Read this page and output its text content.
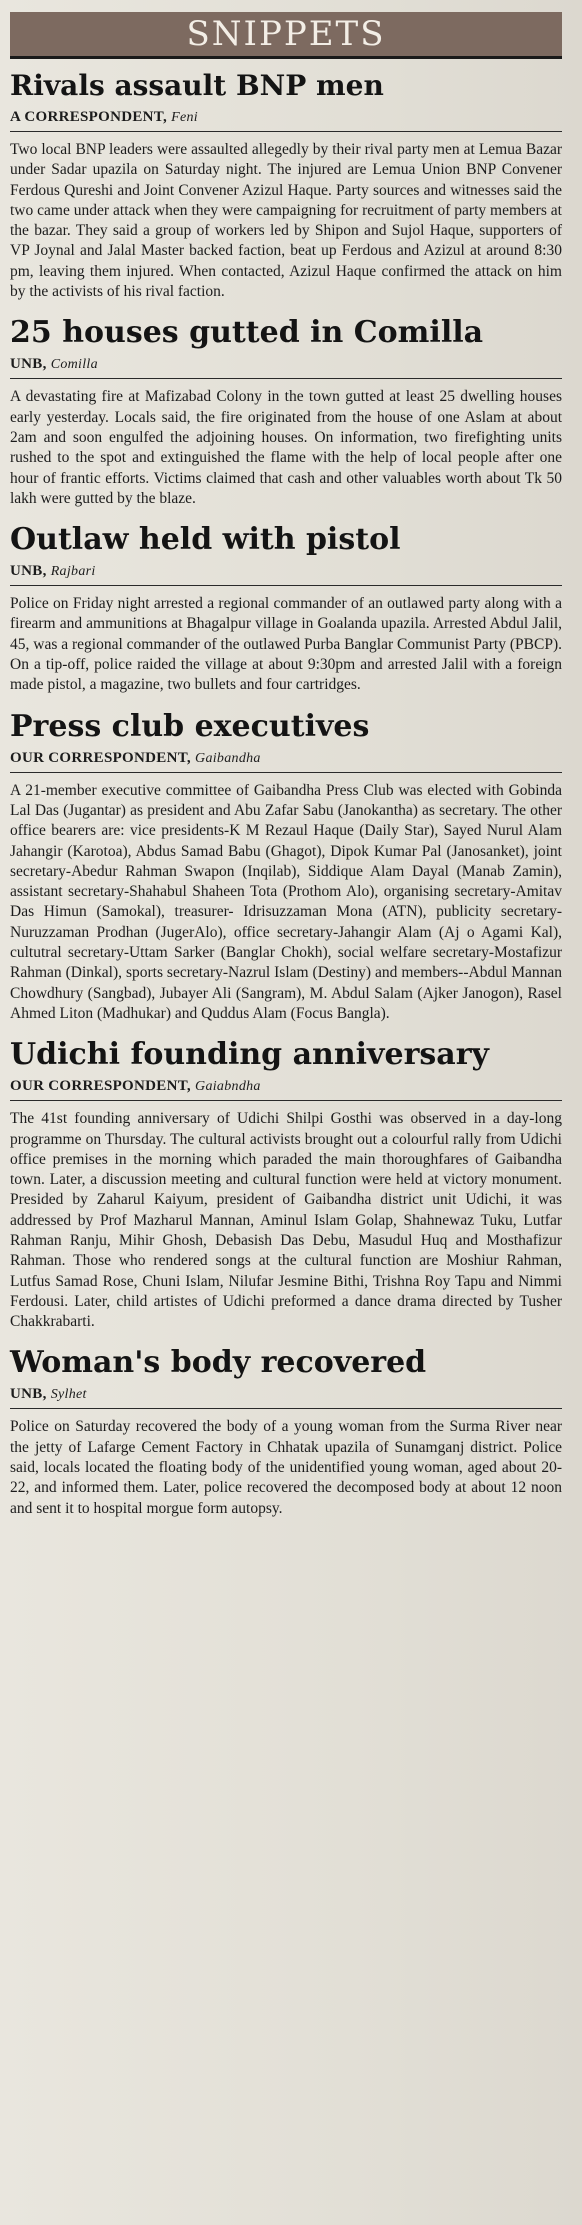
SNIPPETS
Rivals assault BNP men
A CORRESPONDENT, Feni

Two local BNP leaders were assaulted allegedly by their rival party men at Lemua Bazar under Sadar upazila on Saturday night. The injured are Lemua Union BNP Convener Ferdous Qureshi and Joint Convener Azizul Haque. Party sources and witnesses said the two came under attack when they were campaigning for recruitment of party members at the bazar. They said a group of workers led by Shipon and Sujol Haque, supporters of VP Joynal and Jalal Master backed faction, beat up Ferdous and Azizul at around 8:30 pm, leaving them injured. When contacted, Azizul Haque confirmed the attack on him by the activists of his rival faction.

25 houses gutted in Comilla
UNB, Comilla

A devastating fire at Mafizabad Colony in the town gutted at least 25 dwelling houses early yesterday. Locals said, the fire originated from the house of one Aslam at about 2am and soon engulfed the adjoining houses. On information, two firefighting units rushed to the spot and extinguished the flame with the help of local people after one hour of frantic efforts. Victims claimed that cash and other valuables worth about Tk 50 lakh were gutted by the blaze.

Outlaw held with pistol
UNB, Rajbari

Police on Friday night arrested a regional commander of an outlawed party along with a firearm and ammunitions at Bhagalpur village in Goalanda upazila. Arrested Abdul Jalil, 45, was a regional commander of the outlawed Purba Banglar Communist Party (PBCP). On a tip-off, police raided the village at about 9:30pm and arrested Jalil with a foreign made pistol, a magazine, two bullets and four cartridges.

Press club executives
OUR CORRESPONDENT, Gaibandha

A 21-member executive committee of Gaibandha Press Club was elected with Gobinda Lal Das (Jugantar) as president and Abu Zafar Sabu (Janokantha) as secretary. The other office bearers are: vice presidents-K M Rezaul Haque (Daily Star), Sayed Nurul Alam Jahangir (Karotoa), Abdus Samad Babu (Ghagot), Dipok Kumar Pal (Janosanket), joint secretary-Abedur Rahman Swapon (Inqilab), Siddique Alam Dayal (Manab Zamin), assistant secretary-Shahabul Shaheen Tota (Prothom Alo), organising secretary-Amitav Das Himun (Samokal), treasurer- Idrisuzzaman Mona (ATN), publicity secretary-Nuruzzaman Prodhan (JugerAlo), office secretary-Jahangir Alam (Aj o Agami Kal), cultutral secretary-Uttam Sarker (Banglar Chokh), social welfare secretary-Mostafizur Rahman (Dinkal), sports secretary-Nazrul Islam (Destiny) and members--Abdul Mannan Chowdhury (Sangbad), Jubayer Ali (Sangram), M. Abdul Salam (Ajker Janogon), Rasel Ahmed Liton (Madhukar) and Quddus Alam (Focus Bangla).

Udichi founding anniversary
OUR CORRESPONDENT, Gaiabndha

The 41st founding anniversary of Udichi Shilpi Gosthi was observed in a day-long programme on Thursday. The cultural activists brought out a colourful rally from Udichi office premises in the morning which paraded the main thoroughfares of Gaibandha town. Later, a discussion meeting and cultural function were held at victory monument. Presided by Zaharul Kaiyum, president of Gaibandha district unit Udichi, it was addressed by Prof Mazharul Mannan, Aminul Islam Golap, Shahnewaz Tuku, Lutfar Rahman Ranju, Mihir Ghosh, Debasish Das Debu, Masudul Huq and Mosthafizur Rahman. Those who rendered songs at the cultural function are Moshiur Rahman, Lutfus Samad Rose, Chuni Islam, Nilufar Jesmine Bithi, Trishna Roy Tapu and Nimmi Ferdousi. Later, child artistes of Udichi preformed a dance drama directed by Tusher Chakkrabarti.

Woman's body recovered
UNB, Sylhet

Police on Saturday recovered the body of a young woman from the Surma River near the jetty of Lafarge Cement Factory in Chhatak upazila of Sunamganj district. Police said, locals located the floating body of the unidentified young woman, aged about 20-22, and informed them. Later, police recovered the decomposed body at about 12 noon and sent it to hospital morgue form autopsy.
